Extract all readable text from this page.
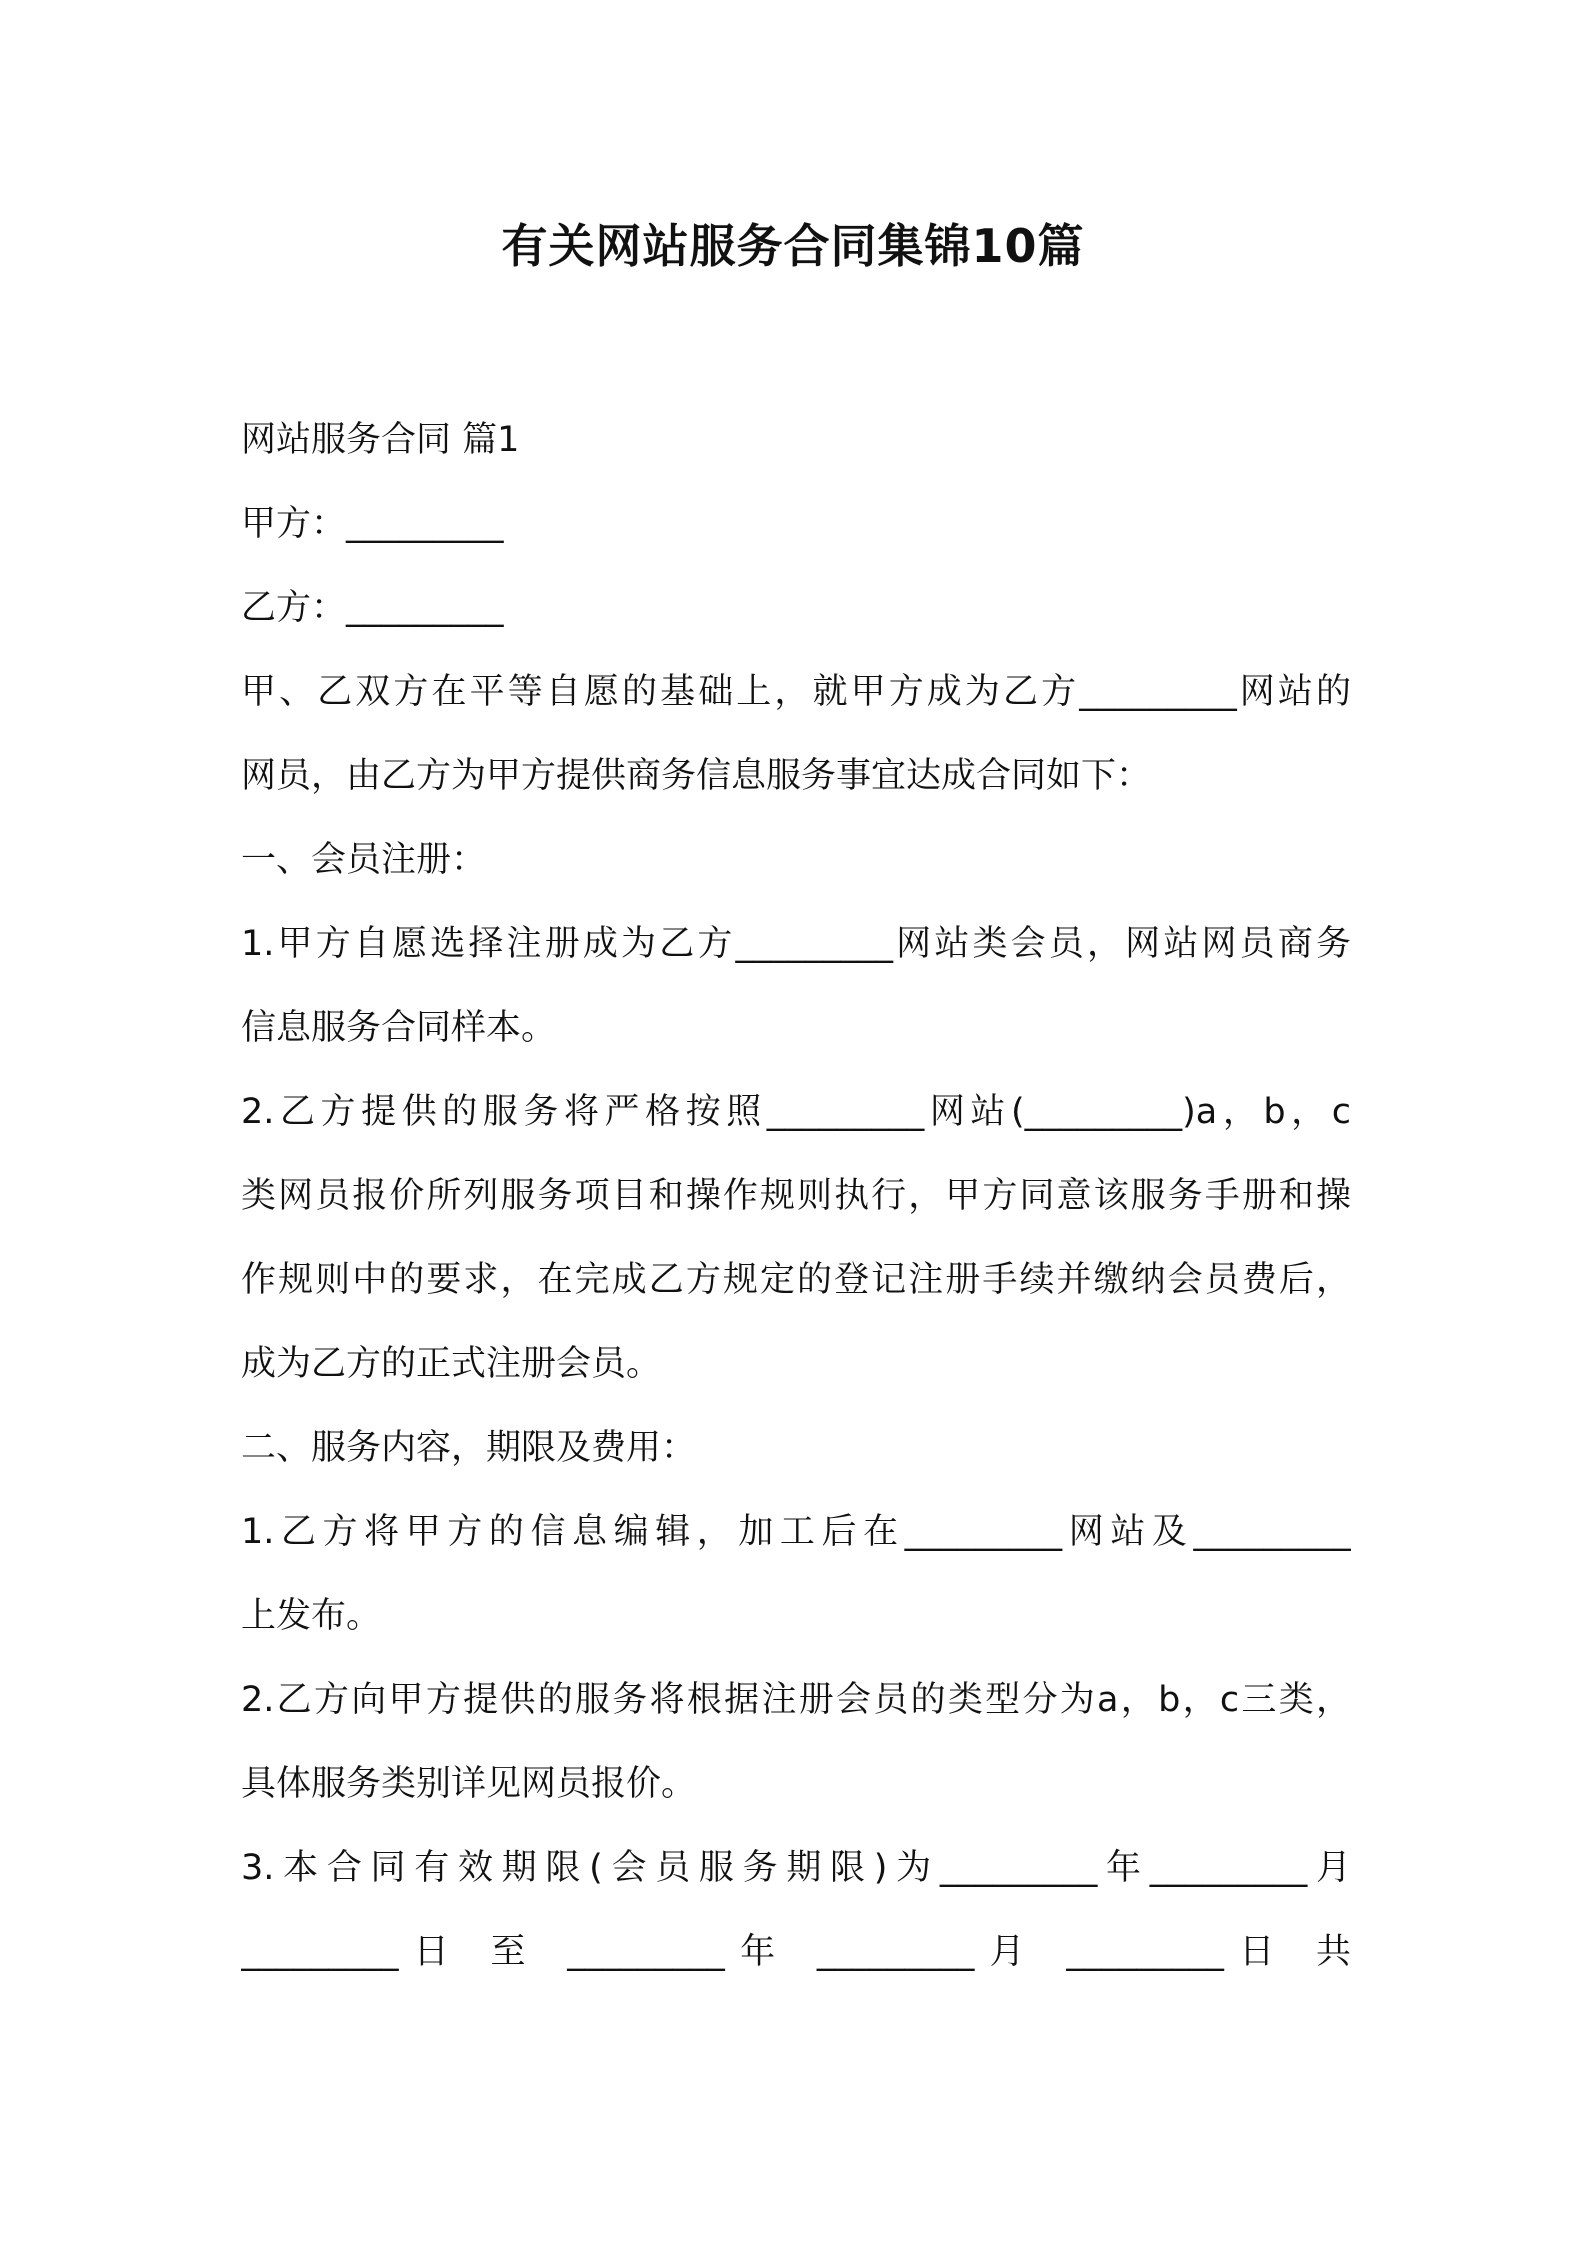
有关网站服务合同集锦10篇
网站服务合同 篇1
甲方：_________
乙方：_________
甲、乙双方在平等自愿的基础上，就甲方成为乙方_________网站的
网员，由乙方为甲方提供商务信息服务事宜达成合同如下：
一、会员注册：
1.甲方自愿选择注册成为乙方_________网站类会员，网站网员商务
信息服务合同样本。
2.乙方提供的服务将严格按照_________网站(_________)a，b，c
类网员报价所列服务项目和操作规则执行，甲方同意该服务手册和操
作规则中的要求，在完成乙方规定的登记注册手续并缴纳会员费后，
成为乙方的正式注册会员。
二、服务内容，期限及费用：
1.乙方将甲方的信息编辑，加工后在_________网站及_________
上发布。
2.乙方向甲方提供的服务将根据注册会员的类型分为a，b，c三类，
具体服务类别详见网员报价。
3.本合同有效期限(会员服务期限)为_________年_________月
_________日 至 _________年 _________月 _________日 共
